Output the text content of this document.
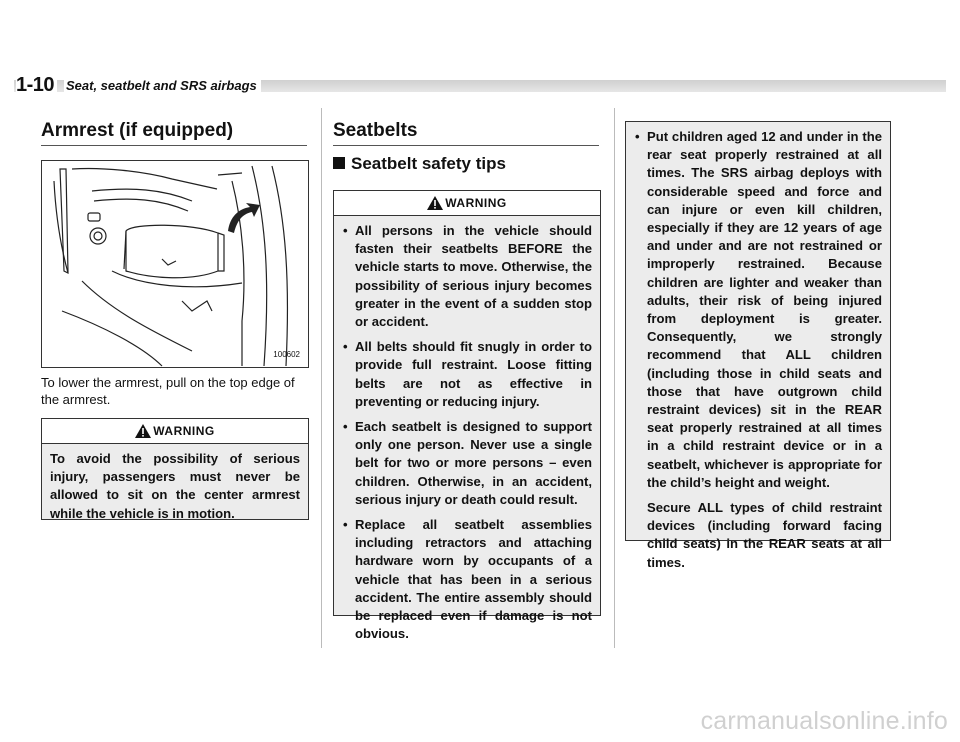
1-10 Seat, seatbelt and SRS airbags
Armrest (if equipped)
100602

To lower the armrest, pull on the top edge of the armrest.

WARNING

To avoid the possibility of serious injury, passengers must never be allowed to sit on the center armrest while the vehicle is in motion.

Seatbelts
Seatbelt safety tips
WARNING
• All persons in the vehicle should fasten their seatbelts BEFORE the vehicle starts to move. Otherwise, the possibility of serious injury becomes greater in the event of a sudden stop or accident.
• All belts should fit snugly in order to provide full restraint. Loose fitting belts are not as effective in preventing or reducing injury.
• Each seatbelt is designed to support only one person. Never use a single belt for two or more persons – even children. Otherwise, in an accident, serious injury or death could result.
• Replace all seatbelt assemblies including retractors and attaching hardware worn by occupants of a vehicle that has been in a serious accident. The entire assembly should be replaced even if damage is not obvious.
• Put children aged 12 and under in the rear seat properly restrained at all times. The SRS airbag deploys with considerable speed and force and can injure or even kill children, especially if they are 12 years of age and under and are not restrained or improperly restrained. Because children are lighter and weaker than adults, their risk of being injured from deployment is greater. Consequently, we strongly recommend that ALL children (including those in child seats and those that have outgrown child restraint devices) sit in the REAR seat properly restrained at all times in a child restraint device or in a seatbelt, whichever is appropriate for the child’s height and weight.

Secure ALL types of child restraint devices (including forward facing child seats) in the REAR seats at all times.

carmanualsonline.info
